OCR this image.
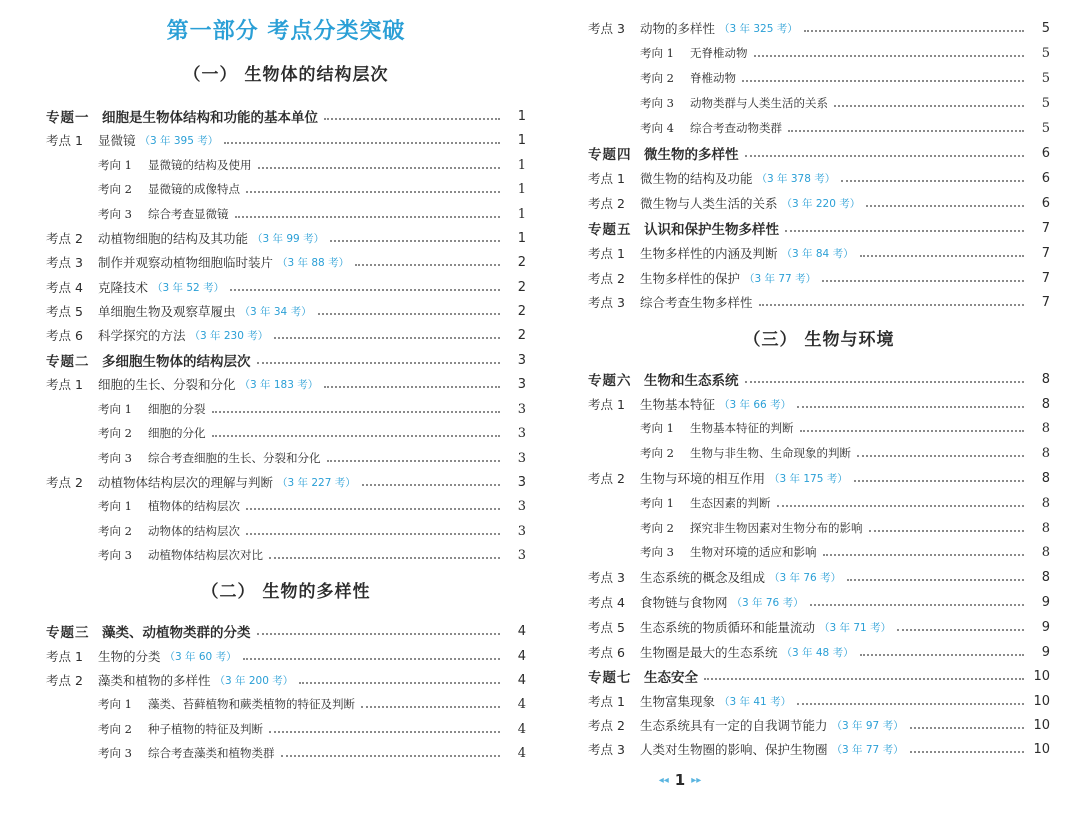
第一部分 考点分类突破
（一） 生物体的结构层次
专题一 细胞是生物体结构和功能的基本单位	1
考点 1	显微镜 （3 年 395 考）	1
考向 1	显微镜的结构及使用	1
考向 2	显微镜的成像特点	1
考向 3	综合考查显微镜	1
考点 2	动植物细胞的结构及其功能 （3 年 99 考）	1
考点 3	制作并观察动植物细胞临时装片 （3 年 88 考）	2
考点 4	克隆技术 （3 年 52 考）	2
考点 5	单细胞生物及观察草履虫 （3 年 34 考）	2
考点 6	科学探究的方法 （3 年 230 考）	2
专题二 多细胞生物体的结构层次	3
考点 1	细胞的生长、分裂和分化 （3 年 183 考）	3
考向 1	细胞的分裂	3
考向 2	细胞的分化	3
考向 3	综合考查细胞的生长、分裂和分化	3
考点 2	动植物体结构层次的理解与判断 （3 年 227 考）	3
考向 1	植物体的结构层次	3
考向 2	动物体的结构层次	3
考向 3	动植物体结构层次对比	3
专题三 藻类、动植物类群的分类	4
考点 1	生物的分类 （3 年 60 考）	4
考点 2	藻类和植物的多样性 （3 年 200 考）	4
考向 1	藻类、苔藓植物和蕨类植物的特征及判断	4
考向 2	种子植物的特征及判断	4
考向 3	综合考查藻类和植物类群	4
（二） 生物的多样性
考点 3	动物的多样性 （3 年 325 考）	5
考向 1	无脊椎动物	5
考向 2	脊椎动物	5
考向 3	动物类群与人类生活的关系	5
考向 4	综合考查动物类群	5
专题四 微生物的多样性	6
考点 1	微生物的结构及功能 （3 年 378 考）	6
考点 2	微生物与人类生活的关系 （3 年 220 考）	6
专题五 认识和保护生物多样性	7
考点 1	生物多样性的内涵及判断 （3 年 84 考）	7
考点 2	生物多样性的保护 （3 年 77 考）	7
考点 3	综合考查生物多样性	7
专题六 生物和生态系统	8
考点 1	生物基本特征 （3 年 66 考）	8
考向 1	生物基本特征的判断	8
考向 2	生物与非生物、生命现象的判断	8
考点 2	生物与环境的相互作用 （3 年 175 考）	8
考向 1	生态因素的判断	8
考向 2	探究非生物因素对生物分布的影响	8
考向 3	生物对环境的适应和影响	8
考点 3	生态系统的概念及组成 （3 年 76 考）	8
考点 4	食物链与食物网 （3 年 76 考）	9
考点 5	生态系统的物质循环和能量流动 （3 年 71 考）	9
考点 6	生物圈是最大的生态系统 （3 年 48 考）	9
专题七 生态安全	10
考点 1	生物富集现象 （3 年 41 考）	10
考点 2	生态系统具有一定的自我调节能力 （3 年 97 考）	10
考点 3	人类对生物圈的影响、保护生物圈 （3 年 77 考）	10
（三） 生物与环境
◂◂ 1 ▸▸
